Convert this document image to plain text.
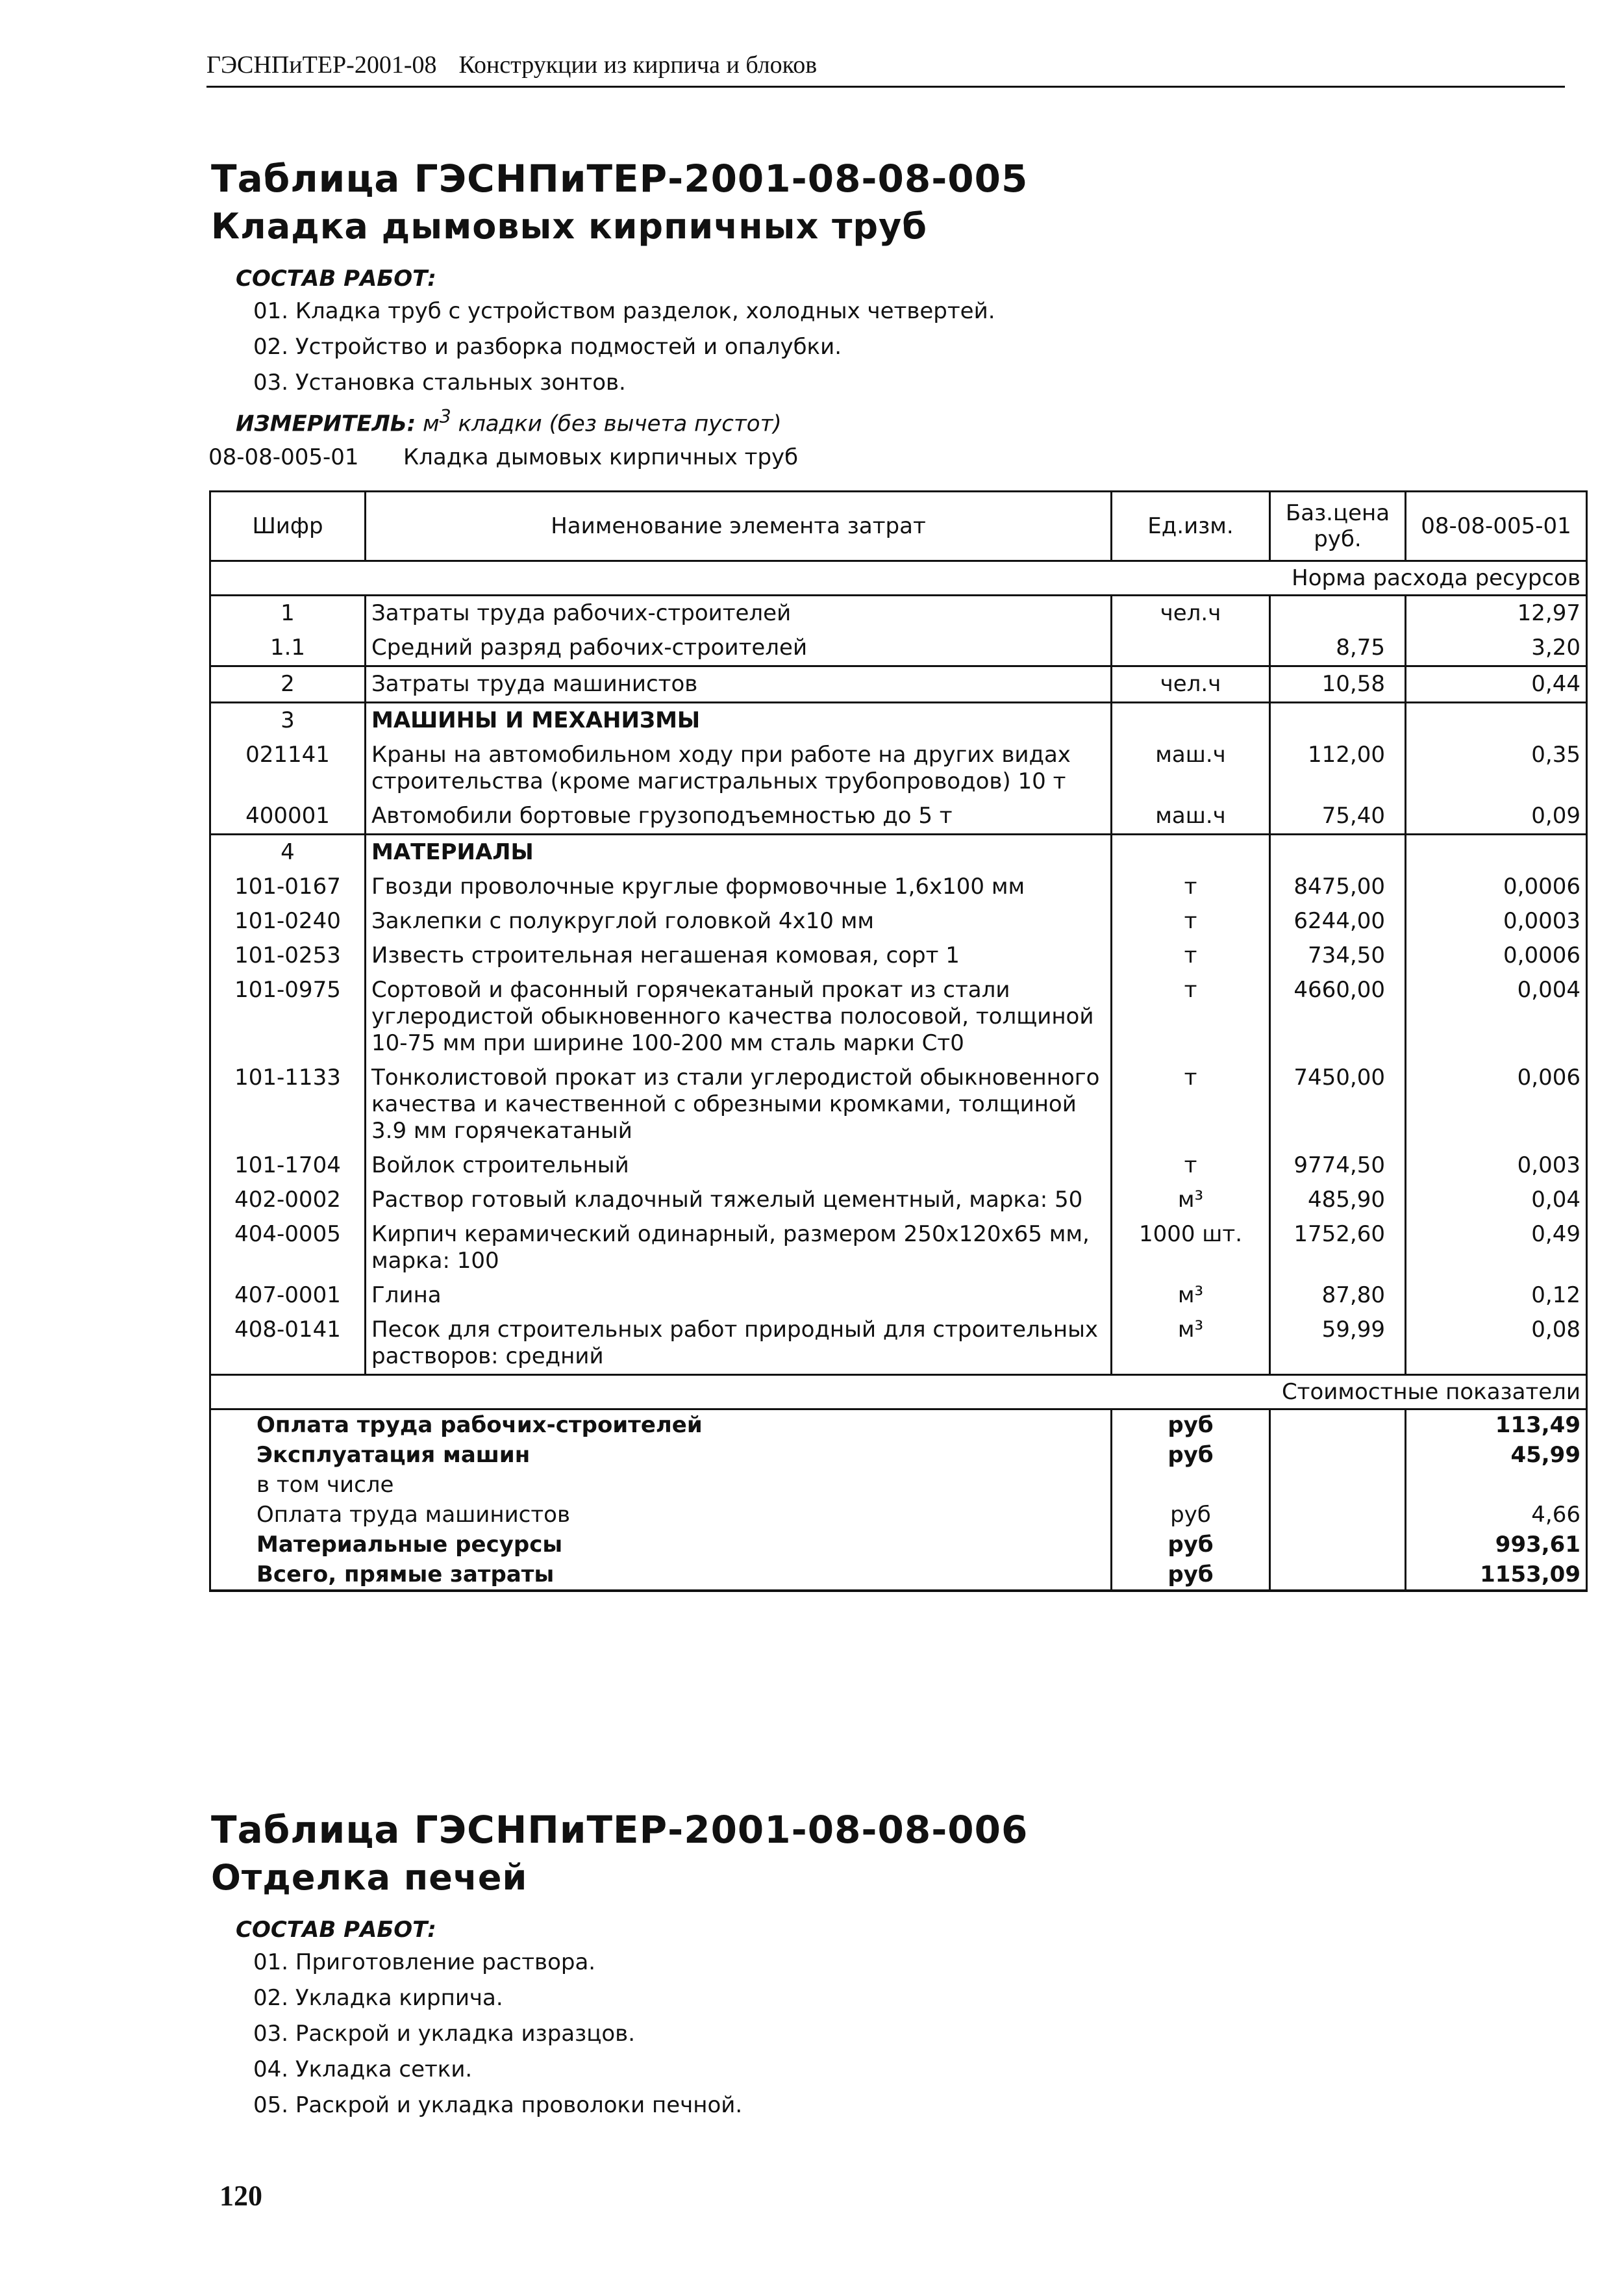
ГЭСНПиТЕР-2001-08 Конструкции из кирпича и блоков
Таблица ГЭСНПиТЕР-2001-08-08-005
Кладка дымовых кирпичных труб
СОСТАВ РАБОТ:
01. Кладка труб с устройством разделок, холодных четвертей.
02. Устройство и разборка подмостей и опалубки.
03. Установка стальных зонтов.
ИЗМЕРИТЕЛЬ: $м^3$ кладки (без вычета пустот)
08-08-005-01 Кладка дымовых кирпичных труб
Шифр	Наименование элемента затрат	Ед.изм.	Баз.цена руб.	08-08-005-01
Норма расхода ресурсов				
1	Затраты труда рабочих-строителей	чел.ч		12,97
1.1	Средний разряд рабочих-строителей		8,75	3,20
2	Затраты труда машинистов	чел.ч	10,58	0,44
3	МАШИНЫ И МЕХАНИЗМЫ			
021141	Краны на автомобильном ходу при работе на других видах строительства (кроме магистральных трубопроводов) 10 т	маш.ч	112,00	0,35
400001	Автомобили бортовые грузоподъемностью до 5 т	маш.ч	75,40	0,09
4	МАТЕРИАЛЫ			
101-0167	Гвозди проволочные круглые формовочные 1,6х100 мм	т	8475,00	0,0006
101-0240	Заклепки с полукруглой головкой 4х10 мм	т	6244,00	0,0003
101-0253	Известь строительная негашеная комовая, сорт 1	т	734,50	0,0006
101-0975	Сортовой и фасонный горячекатаный прокат из стали углеродистой обыкновенного качества полосовой, толщиной 10-75 мм при ширине 100-200 мм сталь марки Ст0	т	4660,00	0,004
101-1133	Тонколистовой прокат из стали углеродистой обыкновенного качества и качественной с обрезными кромками, толщиной 3.9 мм горячекатаный	т	7450,00	0,006
101-1704	Войлок строительный	т	9774,50	0,003
402-0002	Раствор готовый кладочный тяжелый цементный, марка: 50	м³	485,90	0,04
404-0005	Кирпич керамический одинарный, размером 250х120х65 мм, марка: 100	1000 шт.	1752,60	0,49
407-0001	Глина	м³	87,80	0,12
408-0141	Песок для строительных работ природный для строительных растворов: средний	м³	59,99	0,08
Стоимостные показатели				
Оплата труда рабочих-строителей		руб		113,49
Эксплуатация машин		руб		45,99
в том числе				
Оплата труда машинистов		руб		4,66
Материальные ресурсы		руб		993,61
Всего, прямые затраты		руб		1153,09
Таблица ГЭСНПиТЕР-2001-08-08-006
Отделка печей
СОСТАВ РАБОТ:
01. Приготовление раствора.
02. Укладка кирпича.
03. Раскрой и укладка изразцов.
04. Укладка сетки.
05. Раскрой и укладка проволоки печной.
120
